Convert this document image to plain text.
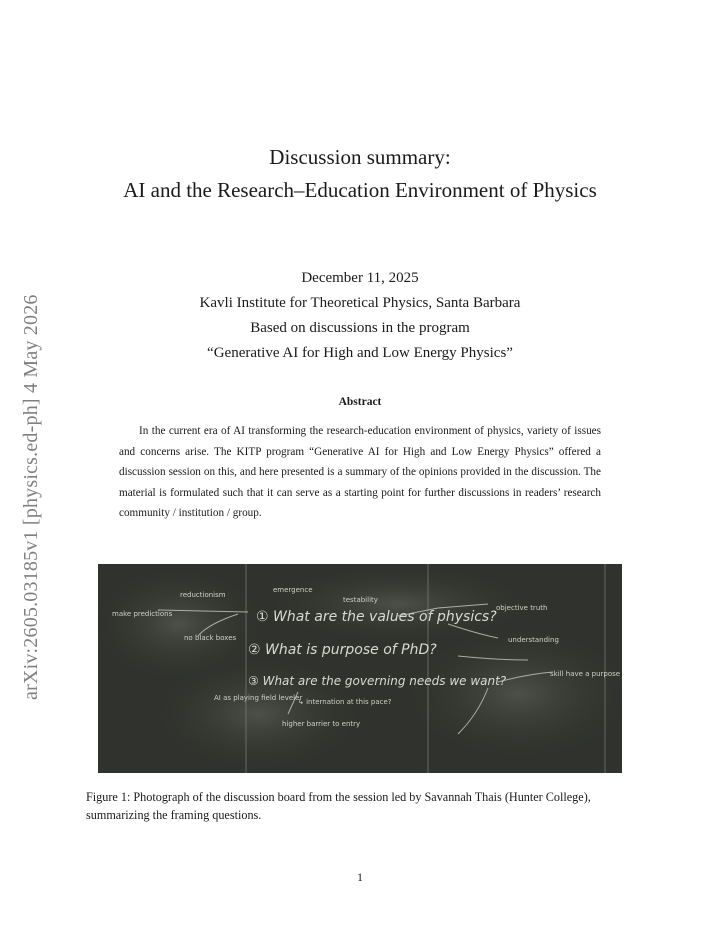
arXiv:2605.03185v1 [physics.ed-ph] 4 May 2026
Discussion summary:
AI and the Research–Education Environment of Physics
December 11, 2025
Kavli Institute for Theoretical Physics, Santa Barbara
Based on discussions in the program
“Generative AI for High and Low Energy Physics”
Abstract
In the current era of AI transforming the research-education environment of physics, variety of issues and concerns arise. The KITP program “Generative AI for High and Low Energy Physics” offered a discussion session on this, and here presented is a summary of the opinions provided in the discussion. The material is formulated such that it can serve as a starting point for further discussions in readers’ research community / institution / group.
① What are the values of physics?
② What is purpose of PhD?
③ What are the governing needs we want?
make predictions
reductionism
emergence
testability
objective truth
no black boxes	understanding
AI as playing field leveler
↳ internation at this pace?
skill have a purpose
higher barrier to entry
Figure 1: Photograph of the discussion board from the session led by Savannah Thais (Hunter College), summarizing the framing questions.
1
